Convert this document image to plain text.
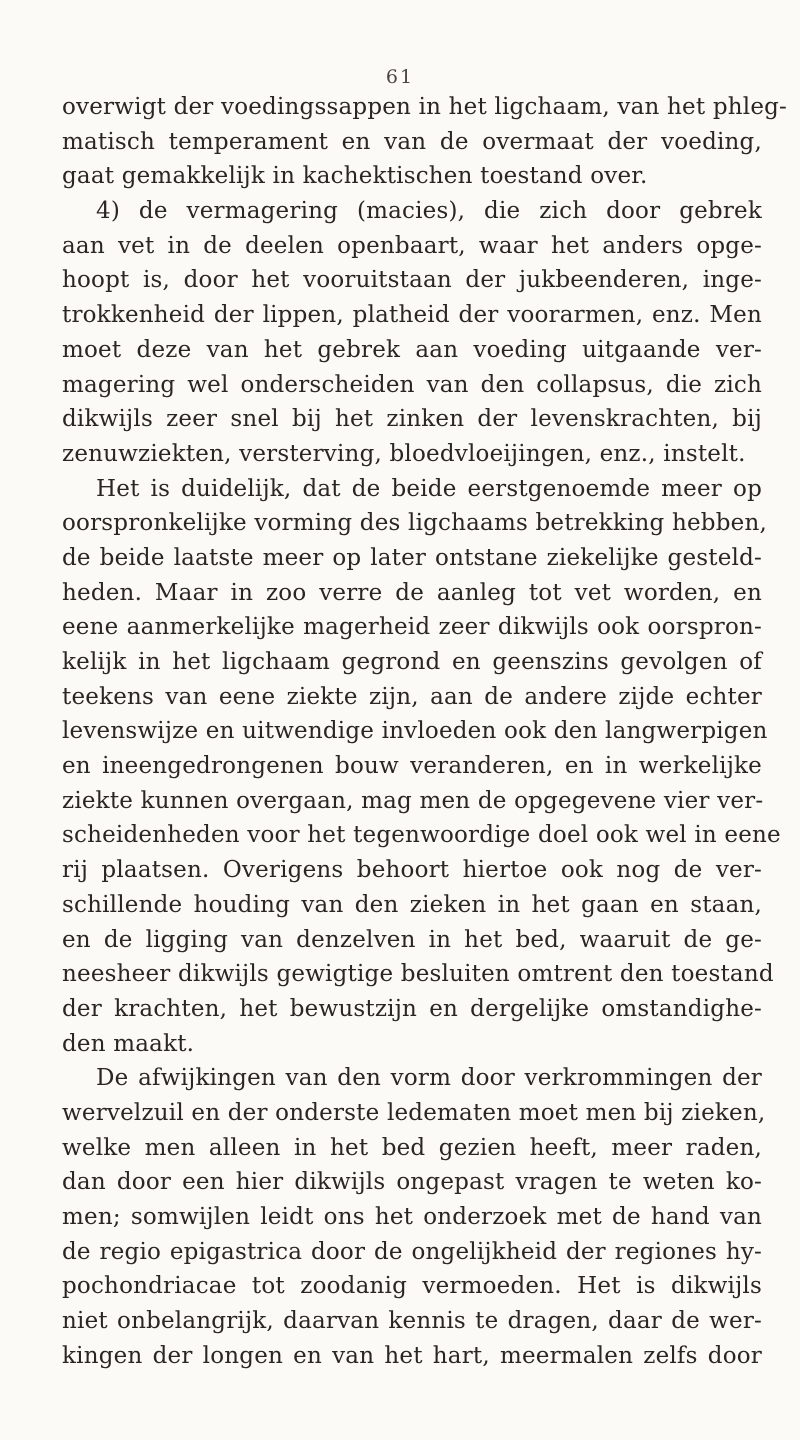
61
overwigt der voedingssappen in het ligchaam, van het phleg-
matisch temperament en van de overmaat der voeding,
gaat gemakkelijk in kachektischen toestand over.
4) de vermagering (macies), die zich door gebrek
aan vet in de deelen openbaart, waar het anders opge-
hoopt is, door het vooruitstaan der jukbeenderen, inge-
trokkenheid der lippen, platheid der voorarmen, enz. Men
moet deze van het gebrek aan voeding uitgaande ver-
magering wel onderscheiden van den collapsus, die zich
dikwijls zeer snel bij het zinken der levenskrachten, bij
zenuwziekten, versterving, bloedvloeijingen, enz., instelt.
Het is duidelijk, dat de beide eerstgenoemde meer op
oorspronkelijke vorming des ligchaams betrekking hebben,
de beide laatste meer op later ontstane ziekelijke gesteld-
heden. Maar in zoo verre de aanleg tot vet worden, en
eene aanmerkelijke magerheid zeer dikwijls ook oorspron-
kelijk in het ligchaam gegrond en geenszins gevolgen of
teekens van eene ziekte zijn, aan de andere zijde echter
levenswijze en uitwendige invloeden ook den langwerpigen
en ineengedrongenen bouw veranderen, en in werkelijke
ziekte kunnen overgaan, mag men de opgegevene vier ver-
scheidenheden voor het tegenwoordige doel ook wel in eene
rij plaatsen. Overigens behoort hiertoe ook nog de ver-
schillende houding van den zieken in het gaan en staan,
en de ligging van denzelven in het bed, waaruit de ge-
neesheer dikwijls gewigtige besluiten omtrent den toestand
der krachten, het bewustzijn en dergelijke omstandighe-
den maakt.
De afwijkingen van den vorm door verkrommingen der
wervelzuil en der onderste ledematen moet men bij zieken,
welke men alleen in het bed gezien heeft, meer raden,
dan door een hier dikwijls ongepast vragen te weten ko-
men; somwijlen leidt ons het onderzoek met de hand van
de regio epigastrica door de ongelijkheid der regiones hy-
pochondriacae tot zoodanig vermoeden. Het is dikwijls
niet onbelangrijk, daarvan kennis te dragen, daar de wer-
kingen der longen en van het hart, meermalen zelfs door
